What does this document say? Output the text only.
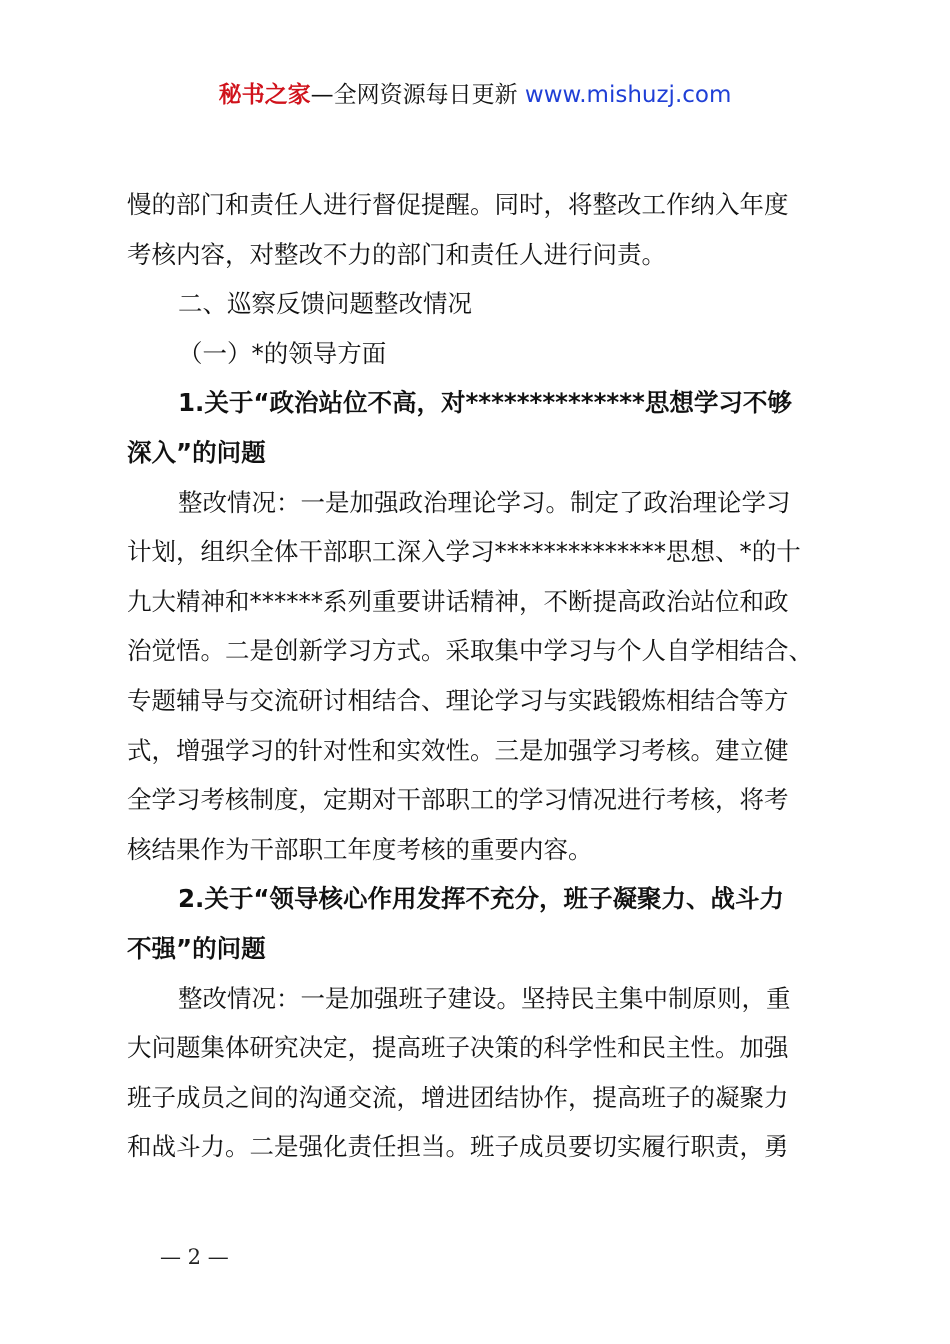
秘书之家—全网资源每日更新 www.mishuzj.com
慢的部门和责任人进行督促提醒。同时，将整改工作纳入年度
考核内容，对整改不力的部门和责任人进行问责。
二、巡察反馈问题整改情况
（一）*的领导方面
1.关于“政治站位不高，对**************思想学习不够
深入”的问题
整改情况：一是加强政治理论学习。制定了政治理论学习
计划，组织全体干部职工深入学习**************思想、*的十
九大精神和******系列重要讲话精神，不断提高政治站位和政
治觉悟。二是创新学习方式。采取集中学习与个人自学相结合、
专题辅导与交流研讨相结合、理论学习与实践锻炼相结合等方
式，增强学习的针对性和实效性。三是加强学习考核。建立健
全学习考核制度，定期对干部职工的学习情况进行考核，将考
核结果作为干部职工年度考核的重要内容。
2.关于“领导核心作用发挥不充分，班子凝聚力、战斗力
不强”的问题
整改情况：一是加强班子建设。坚持民主集中制原则，重
大问题集体研究决定，提高班子决策的科学性和民主性。加强
班子成员之间的沟通交流，增进团结协作，提高班子的凝聚力
和战斗力。二是强化责任担当。班子成员要切实履行职责，勇
— 2 —
